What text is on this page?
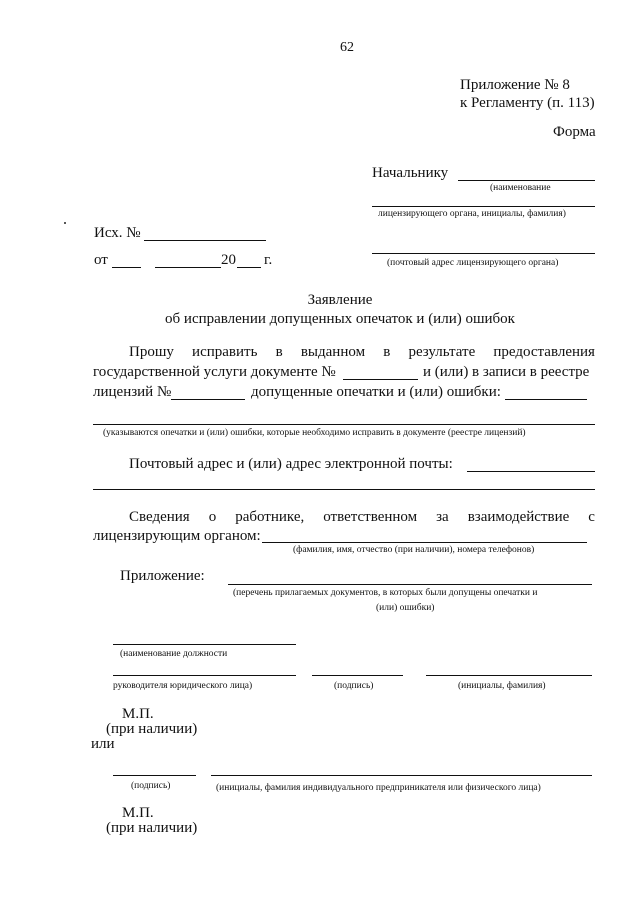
62
Приложение № 8
к Регламенту (п. 113)
Форма
Начальнику
(наименование
лицензирующего органа, инициалы, фамилия)
(почтовый адрес лицензирующего органа)
Исх. №
от	20 г.
Заявление
об исправлении допущенных опечаток и (или) ошибок
Прошу исправить в выданном в результате предоставления
государственной услуги документе №	и (или) в записи в реестре
лицензий №	допущенные опечатки и (или) ошибки:
(указываются опечатки и (или) ошибки, которые необходимо исправить в документе (реестре лицензий)
Почтовый адрес и (или) адрес электронной почты:
Сведения о работнике, ответственном за взаимодействие с
лицензирующим органом:
(фамилия, имя, отчество (при наличии), номера телефонов)
Приложение:
(перечень прилагаемых документов, в которых были допущены опечатки и
(или) ошибки)
(наименование должности
руководителя юридического лица)	(подпись)	(инициалы, фамилия)
М.П.
(при наличии)
или
(подпись)	(инициалы, фамилия индивидуального предприникателя или физического лица)
М.П.
(при наличии)
